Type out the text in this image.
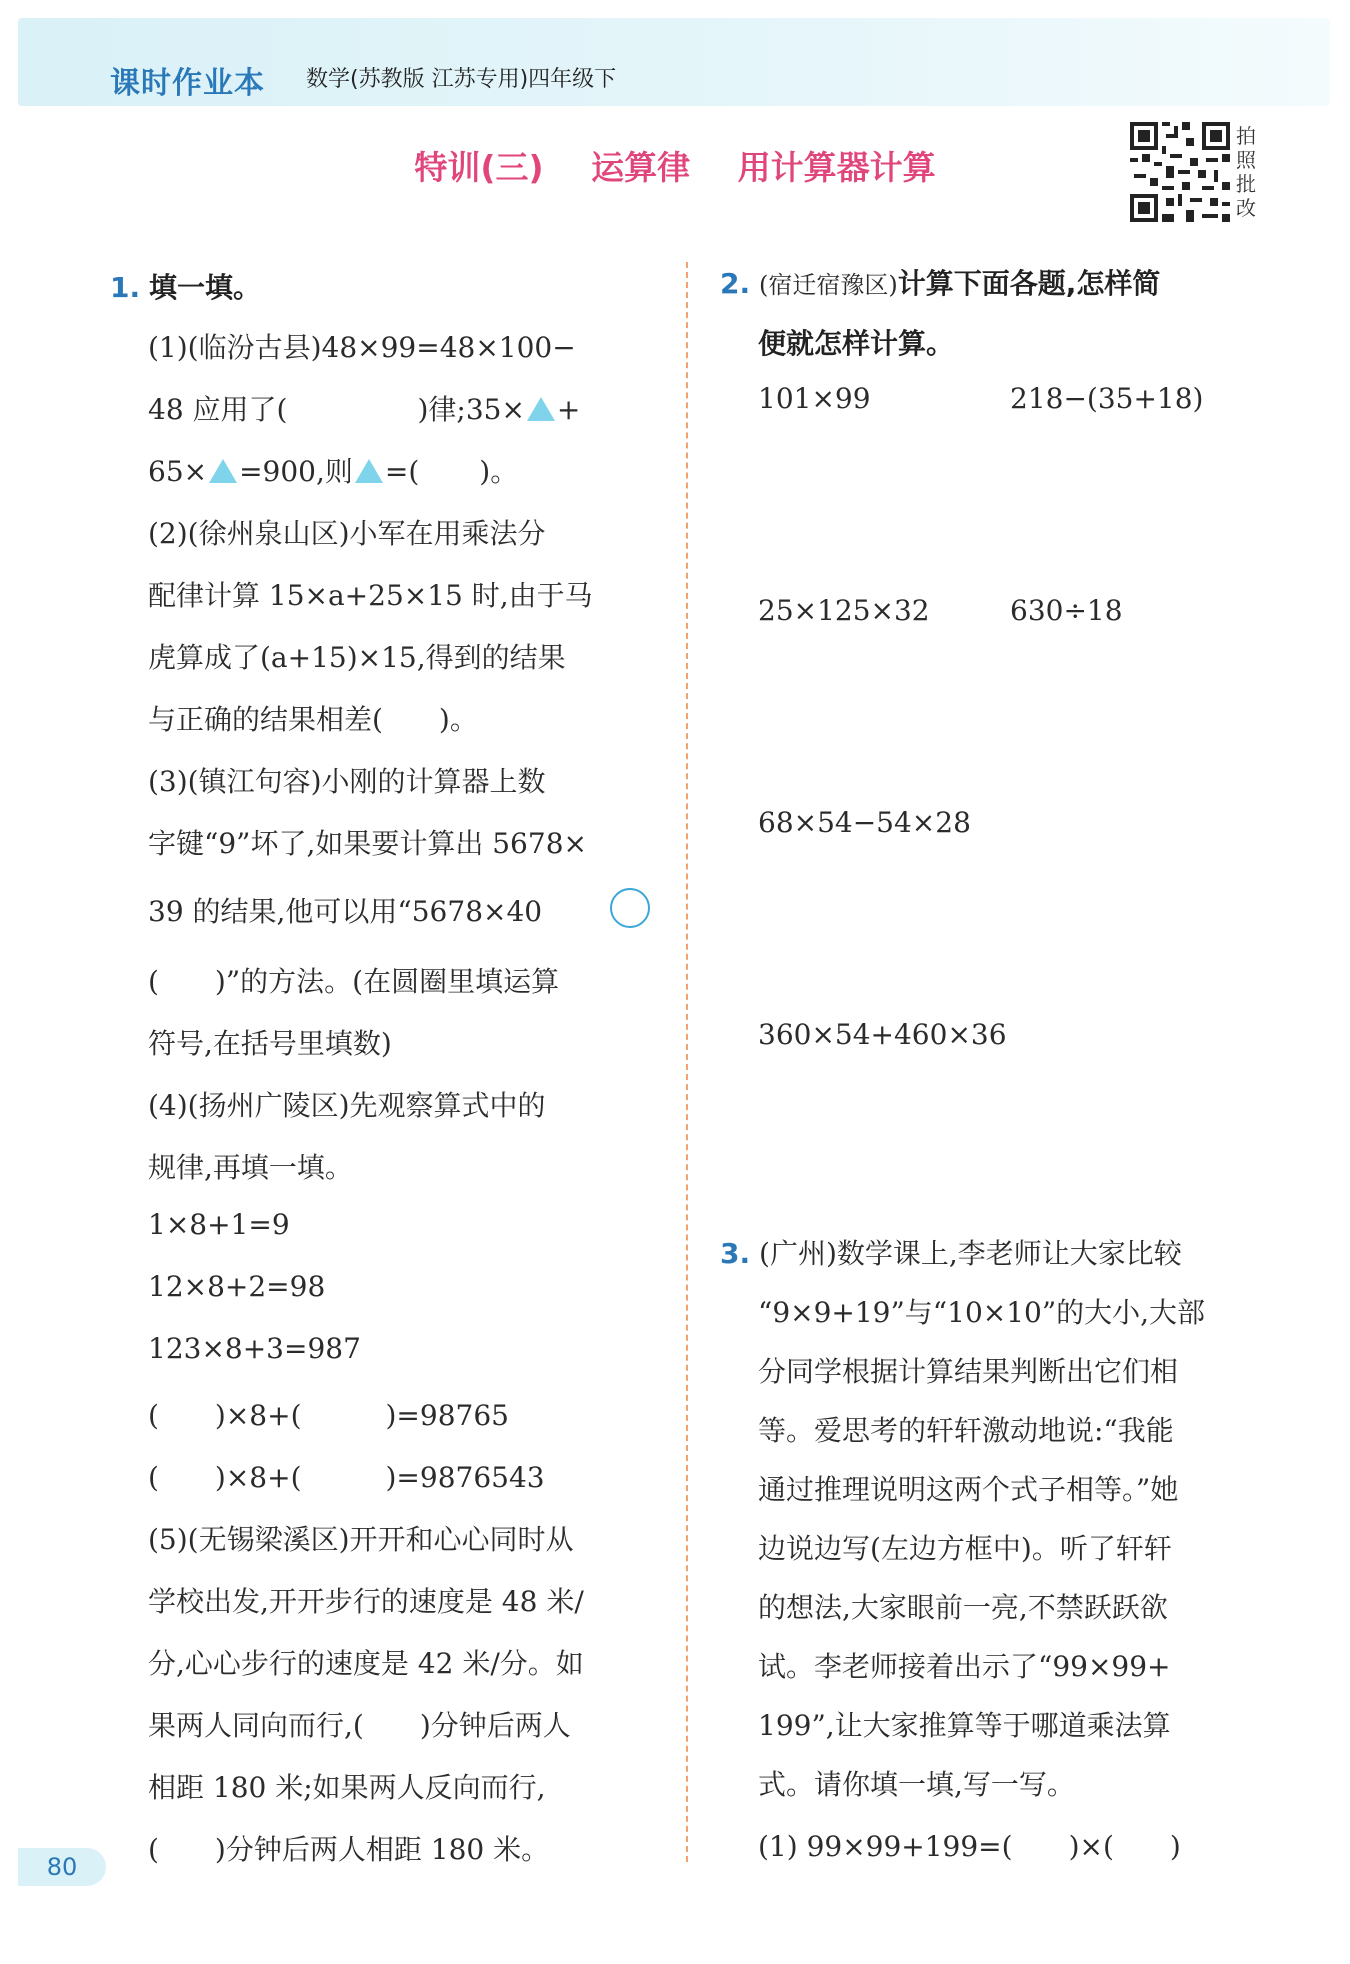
课时作业本 数学(苏教版 江苏专用)四年级下
特训(三) 运算律 用计算器计算
拍
照
批
改
1. 填一填。
(1)(临汾古县)48×99=48×100−
48 应用了(	)律;35× +
65× =900,则 =( )。
(2)(徐州泉山区)小军在用乘法分
配律计算 15×a+25×15 时,由于马
虎算成了(a+15)×15,得到的结果
与正确的结果相差(　　)。
(3)(镇江句容)小刚的计算器上数
字键“9”坏了,如果要计算出 5678×
39 的结果,他可以用“5678×40
(　　)”的方法。(在圆圈里填运算
符号,在括号里填数)
(4)(扬州广陵区)先观察算式中的
规律,再填一填。
1×8+1=9
12×8+2=98
123×8+3=987
(　　)×8+(　　　)=98765
(　　)×8+(　　　)=9876543
(5)(无锡梁溪区)开开和心心同时从
学校出发,开开步行的速度是 48 米/
分,心心步行的速度是 42 米/分。如
果两人同向而行,(　　)分钟后两人
相距 180 米;如果两人反向而行,
(　　)分钟后两人相距 180 米。
2. (宿迁宿豫区)计算下面各题,怎样简
便就怎样计算。
101×99	218−(35+18)
25×125×32	630÷18
68×54−54×28
360×54+460×36
3. (广州)数学课上,李老师让大家比较
“9×9+19”与“10×10”的大小,大部
分同学根据计算结果判断出它们相
等。爱思考的轩轩激动地说:“我能
通过推理说明这两个式子相等。”她
边说边写(左边方框中)。听了轩轩
的想法,大家眼前一亮,不禁跃跃欲
试。李老师接着出示了“99×99+
199”,让大家推算等于哪道乘法算
式。请你填一填,写一写。
(1) 99×99+199=(　　)×(　　)
80
